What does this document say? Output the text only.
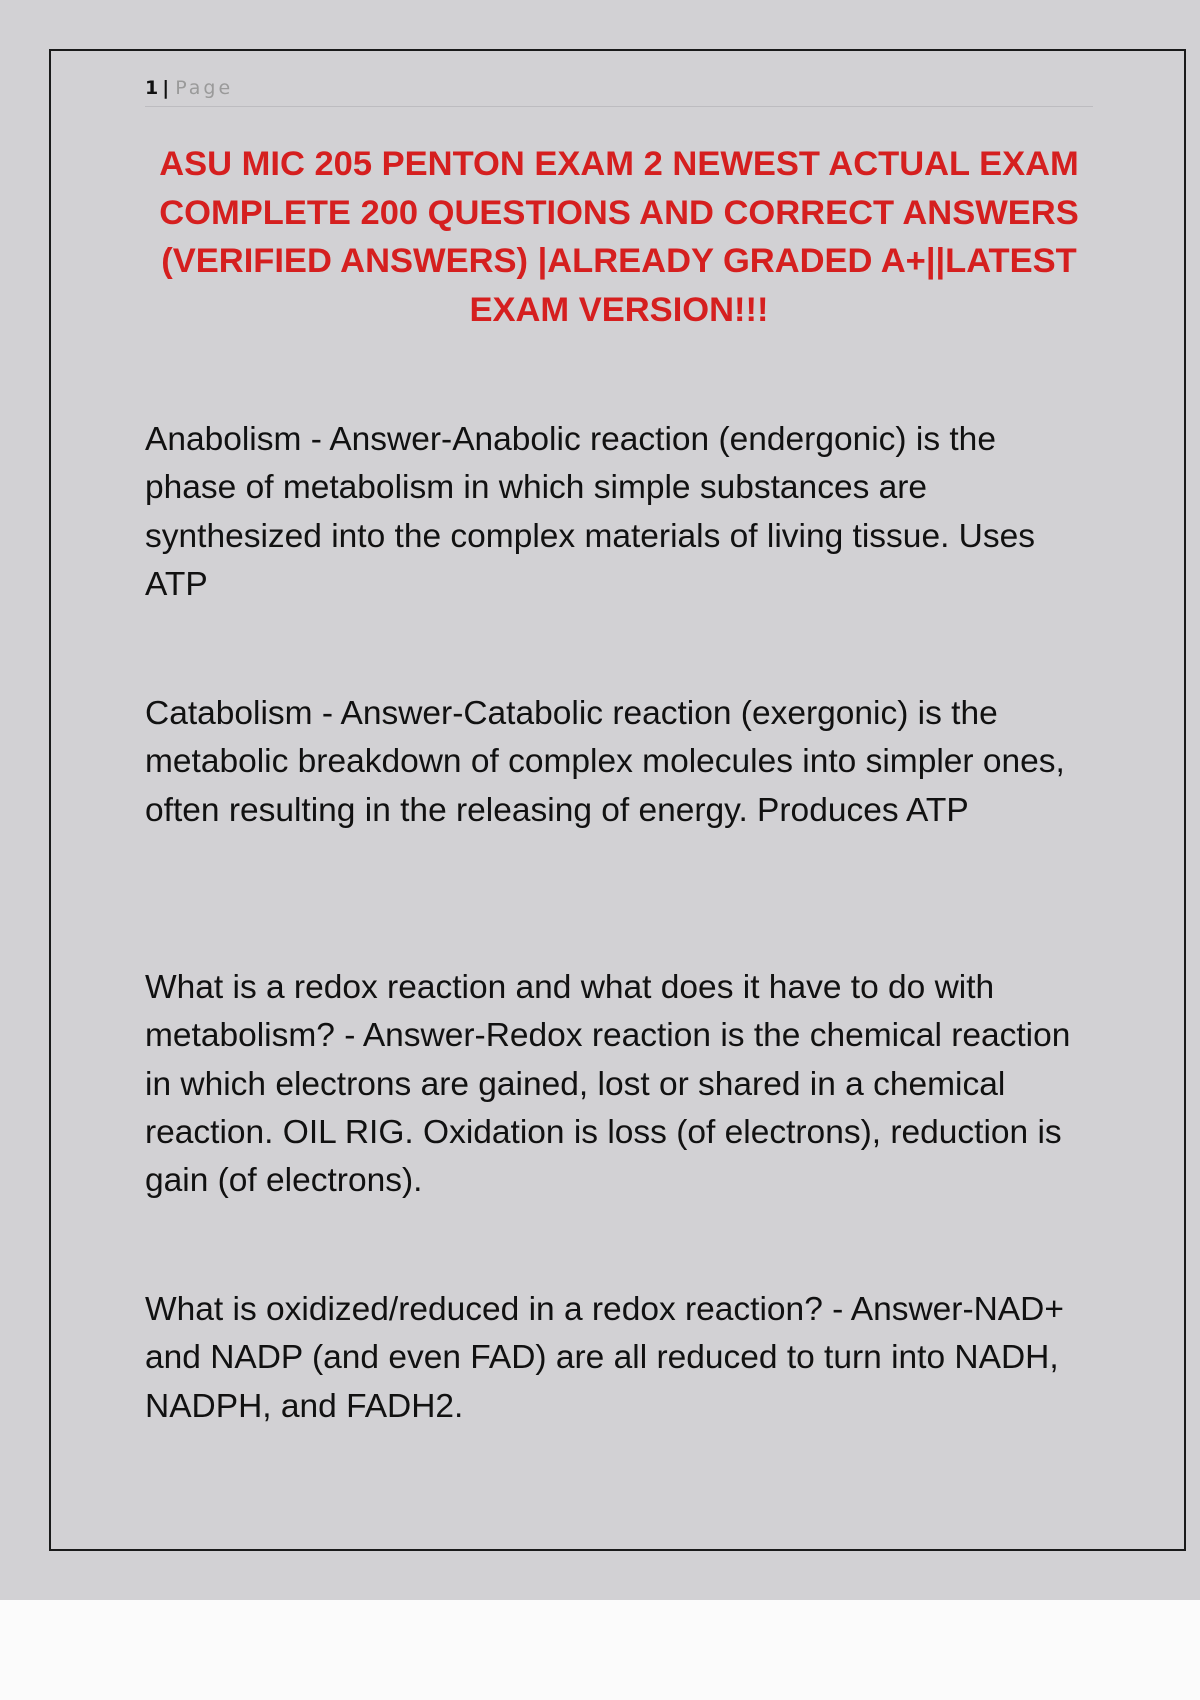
1 | Page
ASU MIC 205 PENTON EXAM 2 NEWEST ACTUAL EXAM COMPLETE 200 QUESTIONS AND CORRECT ANSWERS (VERIFIED ANSWERS) |ALREADY GRADED A+||LATEST EXAM VERSION!!!

Anabolism - Answer-Anabolic reaction (endergonic) is the phase of metabolism in which simple substances are synthesized into the complex materials of living tissue. Uses ATP

Catabolism - Answer-Catabolic reaction (exergonic) is the metabolic breakdown of complex molecules into simpler ones, often resulting in the releasing of energy. Produces ATP

What is a redox reaction and what does it have to do with metabolism? - Answer-Redox reaction is the chemical reaction in which electrons are gained, lost or shared in a chemical reaction. OIL RIG. Oxidation is loss (of electrons), reduction is gain (of electrons).

What is oxidized/reduced in a redox reaction? - Answer-NAD+ and NADP (and even FAD) are all reduced to turn into NADH, NADPH, and FADH2.
